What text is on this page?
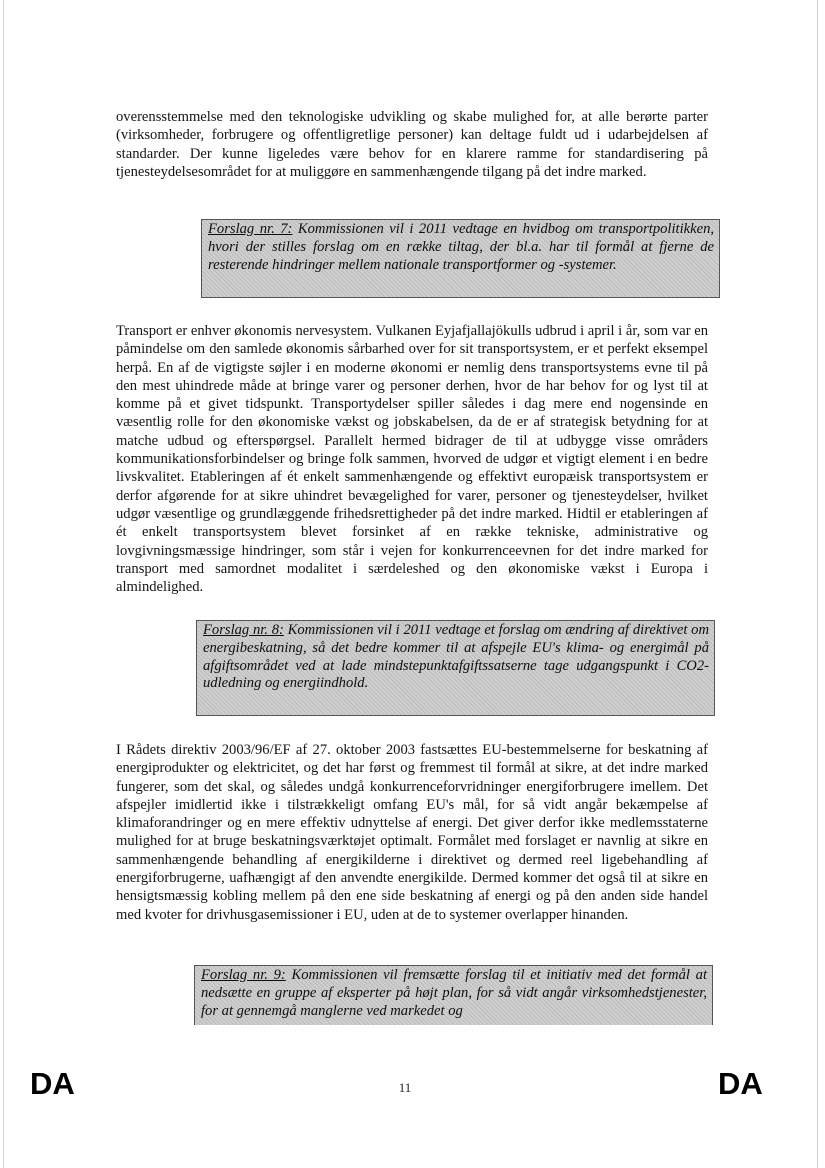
overensstemmelse med den teknologiske udvikling og skabe mulighed for, at alle berørte parter (virksomheder, forbrugere og offentligretlige personer) kan deltage fuldt ud i udarbejdelsen af standarder. Der kunne ligeledes være behov for en klarere ramme for standardisering på tjenesteydelsesområdet for at muliggøre en sammenhængende tilgang på det indre marked.

Forslag nr. 7: Kommissionen vil i 2011 vedtage en hvidbog om transportpolitikken, hvori der stilles forslag om en række tiltag, der bl.a. har til formål at fjerne de resterende hindringer mellem nationale transportformer og -systemer.

Transport er enhver økonomis nervesystem. Vulkanen Eyjafjallajökulls udbrud i april i år, som var en påmindelse om den samlede økonomis sårbarhed over for sit transportsystem, er et perfekt eksempel herpå. En af de vigtigste søjler i en moderne økonomi er nemlig dens transportsystems evne til på den mest uhindrede måde at bringe varer og personer derhen, hvor de har behov for og lyst til at komme på et givet tidspunkt. Transportydelser spiller således i dag mere end nogensinde en væsentlig rolle for den økonomiske vækst og jobskabelsen, da de er af strategisk betydning for at matche udbud og efterspørgsel. Parallelt hermed bidrager de til at udbygge visse områders kommunikationsforbindelser og bringe folk sammen, hvorved de udgør et vigtigt element i en bedre livskvalitet. Etableringen af ét enkelt sammenhængende og effektivt europæisk transportsystem er derfor afgørende for at sikre uhindret bevægelighed for varer, personer og tjenesteydelser, hvilket udgør væsentlige og grundlæggende frihedsrettigheder på det indre marked. Hidtil er etableringen af ét enkelt transportsystem blevet forsinket af en række tekniske, administrative og lovgivningsmæssige hindringer, som står i vejen for konkurrenceevnen for det indre marked for transport med samordnet modalitet i særdeleshed og den økonomiske vækst i Europa i almindelighed.

Forslag nr. 8: Kommissionen vil i 2011 vedtage et forslag om ændring af direktivet om energibeskatning, så det bedre kommer til at afspejle EU's klima- og energimål på afgiftsområdet ved at lade mindstepunktafgiftssatserne tage udgangspunkt i CO2-udledning og energiindhold.

I Rådets direktiv 2003/96/EF af 27. oktober 2003 fastsættes EU-bestemmelserne for beskatning af energiprodukter og elektricitet, og det har først og fremmest til formål at sikre, at det indre marked fungerer, som det skal, og således undgå konkurrenceforvridninger energiforbrugere imellem. Det afspejler imidlertid ikke i tilstrækkeligt omfang EU's mål, for så vidt angår bekæmpelse af klimaforandringer og en mere effektiv udnyttelse af energi. Det giver derfor ikke medlemsstaterne mulighed for at bruge beskatningsværktøjet optimalt. Formålet med forslaget er navnlig at sikre en sammenhængende behandling af energikilderne i direktivet og dermed reel ligebehandling af energiforbrugerne, uafhængigt af den anvendte energikilde. Dermed kommer det også til at sikre en hensigtsmæssig kobling mellem på den ene side beskatning af energi og på den anden side handel med kvoter for drivhusgasemissioner i EU, uden at de to systemer overlapper hinanden.

Forslag nr. 9: Kommissionen vil fremsætte forslag til et initiativ med det formål at nedsætte en gruppe af eksperter på højt plan, for så vidt angår virksomhedstjenester, for at gennemgå manglerne ved markedet og
DA	11	DA
